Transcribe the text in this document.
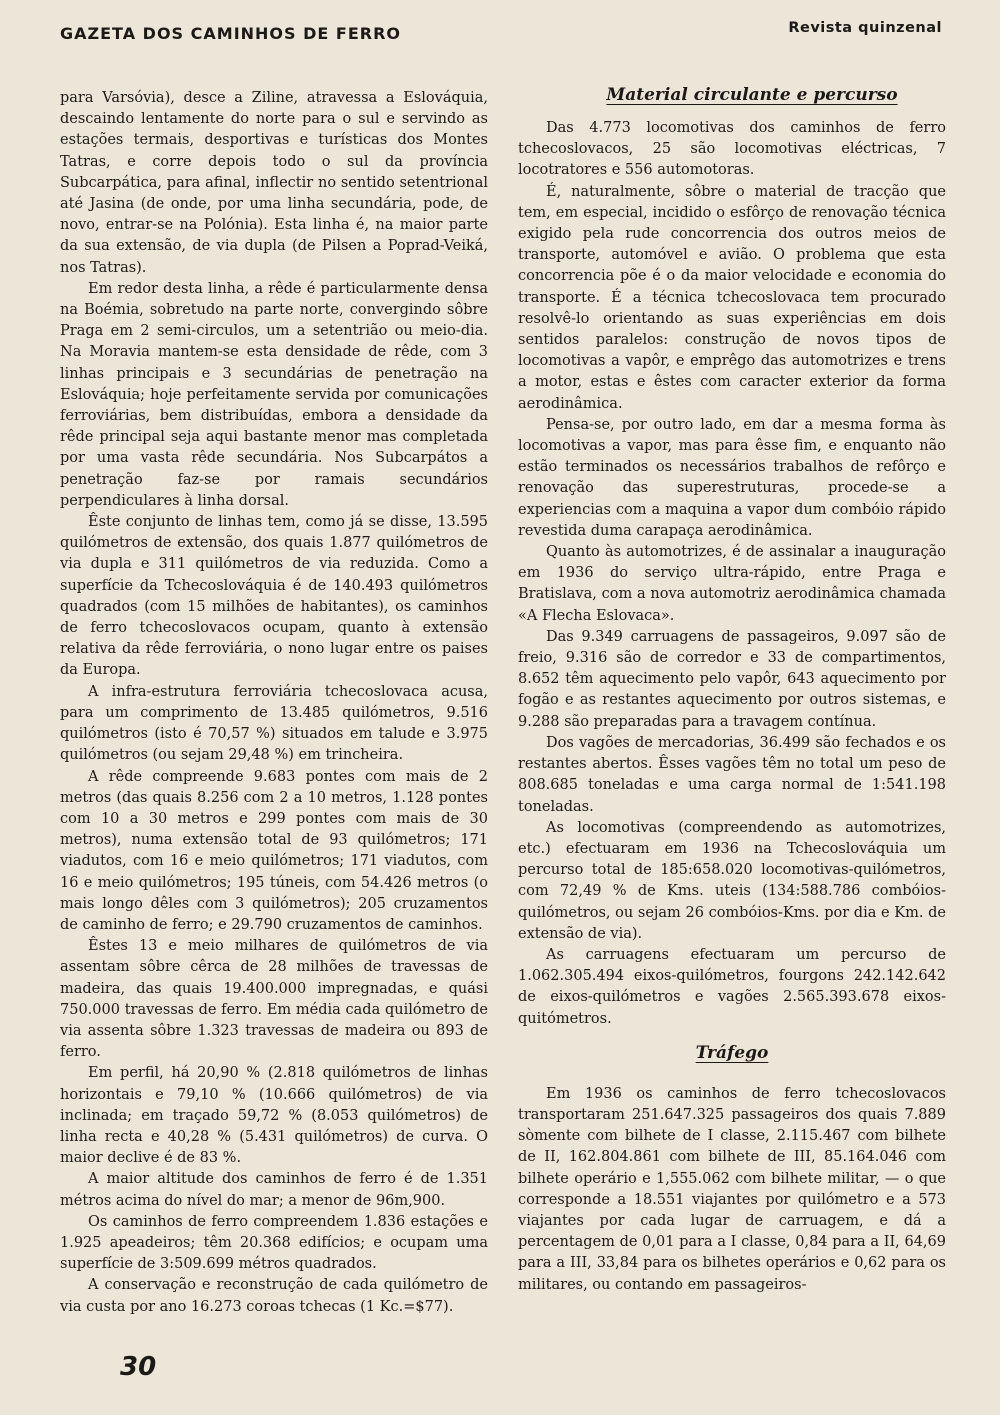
GAZETA DOS CAMINHOS DE FERRO	Revista quinzenal

para Varsóvia), desce a Ziline, atravessa a Eslováquia, descaindo lentamente do norte para o sul e servindo as estações termais, desportivas e turísticas dos Montes Tatras, e corre depois todo o sul da província Subcarpática, para afinal, inflectir no sentido setentrional até Jasina (de onde, por uma linha secundária, pode, de novo, entrar-se na Polónia). Esta linha é, na maior parte da sua extensão, de via dupla (de Pilsen a Poprad-Veiká, nos Tatras).

Em redor desta linha, a rêde é particularmente densa na Boémia, sobretudo na parte norte, convergindo sôbre Praga em 2 semi-circulos, um a setentrião ou meio-dia. Na Moravia mantem-se esta densidade de rêde, com 3 linhas principais e 3 secundárias de penetração na Eslováquia; hoje perfeitamente servida por comunicações ferroviárias, bem distribuídas, embora a densidade da rêde principal seja aqui bastante menor mas completada por uma vasta rêde secundária. Nos Subcarpátos a penetração faz-se por ramais secundários perpendiculares à linha dorsal.

Êste conjunto de linhas tem, como já se disse, 13.595 quilómetros de extensão, dos quais 1.877 quilómetros de via dupla e 311 quilómetros de via reduzida. Como a superfície da Tchecoslováquia é de 140.493 quilómetros quadrados (com 15 milhões de habitantes), os caminhos de ferro tchecoslovacos ocupam, quanto à extensão relativa da rêde ferroviária, o nono lugar entre os paises da Europa.

A infra-estrutura ferroviária tchecoslovaca acusa, para um comprimento de 13.485 quilómetros, 9.516 quilómetros (isto é 70,57 %) situados em talude e 3.975 quilómetros (ou sejam 29,48 %) em trincheira.

A rêde compreende 9.683 pontes com mais de 2 metros (das quais 8.256 com 2 a 10 metros, 1.128 pontes com 10 a 30 metros e 299 pontes com mais de 30 metros), numa extensão total de 93 quilómetros; 171 viadutos, com 16 e meio quilómetros; 171 viadutos, com 16 e meio quilómetros; 195 túneis, com 54.426 metros (o mais longo dêles com 3 quilómetros); 205 cruzamentos de caminho de ferro; e 29.790 cruzamentos de caminhos.

Êstes 13 e meio milhares de quilómetros de via assentam sôbre cêrca de 28 milhões de travessas de madeira, das quais 19.400.000 impregnadas, e quási 750.000 travessas de ferro. Em média cada quilómetro de via assenta sôbre 1.323 travessas de madeira ou 893 de ferro.

Em perfil, há 20,90 % (2.818 quilómetros de linhas horizontais e 79,10 % (10.666 quilómetros) de via inclinada; em traçado 59,72 % (8.053 quilómetros) de linha recta e 40,28 % (5.431 quilómetros) de curva. O maior declive é de 83 %.

A maior altitude dos caminhos de ferro é de 1.351 métros acima do nível do mar; a menor de 96m,900.

Os caminhos de ferro compreendem 1.836 estações e 1.925 apeadeiros; têm 20.368 edifícios; e ocupam uma superfície de 3:509.699 métros quadrados.

A conservação e reconstrução de cada quilómetro de via custa por ano 16.273 coroas tchecas (1 Kc.=$77).

Material circulante e percurso

Das 4.773 locomotivas dos caminhos de ferro tchecoslovacos, 25 são locomotivas eléctricas, 7 locotratores e 556 automotoras.

É, naturalmente, sôbre o material de tracção que tem, em especial, incidido o esfôrço de renovação técnica exigido pela rude concorrencia dos outros meios de transporte, automóvel e avião. O problema que esta concorrencia põe é o da maior velocidade e economia do transporte. É a técnica tchecoslovaca tem procurado resolvê-lo orientando as suas experiências em dois sentidos paralelos: construção de novos tipos de locomotivas a vapôr, e emprêgo das automotrizes e trens a motor, estas e êstes com caracter exterior da forma aerodinâmica.

Pensa-se, por outro lado, em dar a mesma forma às locomotivas a vapor, mas para êsse fim, e enquanto não estão terminados os necessários trabalhos de refôrço e renovação das superestruturas, procede-se a experiencias com a maquina a vapor dum combóio rápido revestida duma carapaça aerodinâmica.

Quanto às automotrizes, é de assinalar a inauguração em 1936 do serviço ultra-rápido, entre Praga e Bratislava, com a nova automotriz aerodinâmica chamada «A Flecha Eslovaca».

Das 9.349 carruagens de passageiros, 9.097 são de freio, 9.316 são de corredor e 33 de compartimentos, 8.652 têm aquecimento pelo vapôr, 643 aquecimento por fogão e as restantes aquecimento por outros sistemas, e 9.288 são preparadas para a travagem contínua.

Dos vagões de mercadorias, 36.499 são fechados e os restantes abertos. Êsses vagões têm no total um peso de 808.685 toneladas e uma carga normal de 1:541.198 toneladas.

As locomotivas (compreendendo as automotrizes, etc.) efectuaram em 1936 na Tchecoslováquia um percurso total de 185:658.020 locomotivas-quilómetros, com 72,49 % de Kms. uteis (134:588.786 combóios-quilómetros, ou sejam 26 combóios-Kms. por dia e Km. de extensão de via).

As carruagens efectuaram um percurso de 1.062.305.494 eixos-quilómetros, fourgons 242.142.642 de eixos-quilómetros e vagões 2.565.393.678 eixos-quitómetros.

Tráfego

Em 1936 os caminhos de ferro tchecoslovacos transportaram 251.647.325 passageiros dos quais 7.889 sòmente com bilhete de I classe, 2.115.467 com bilhete de II, 162.804.861 com bilhete de III, 85.164.046 com bilhete operário e 1,555.062 com bilhete militar, — o que corresponde a 18.551 viajantes por quilómetro e a 573 viajantes por cada lugar de carruagem, e dá a percentagem de 0,01 para a I classe, 0,84 para a II, 64,69 para a III, 33,84 para os bilhetes operários e 0,62 para os militares, ou contando em passageiros-

30
